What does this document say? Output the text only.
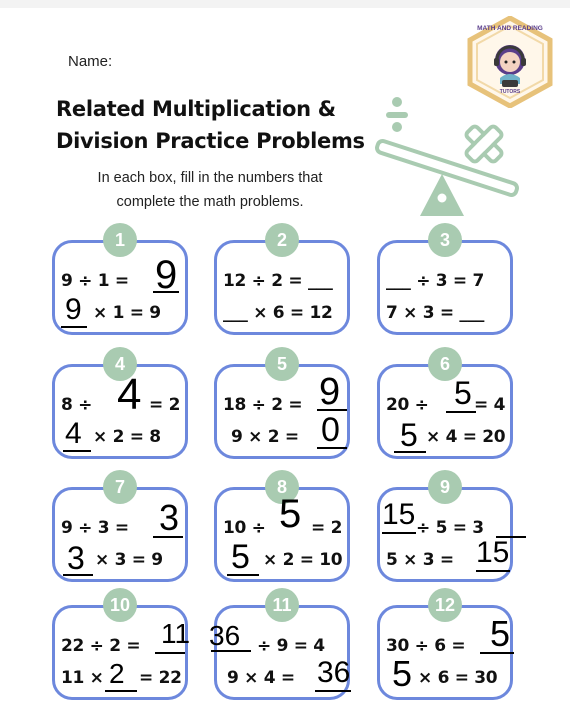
Name:
Related Multiplication &
Division Practice Problems
In each box, fill in the numbers that
complete the math problems.
MATH AND READING
TUTORS
1
9 ÷ 1 = 9
9 × 1 = 9
2
12 ÷ 2 = ___
___ × 6 = 12
3
___ ÷ 3 = 7
7 × 3 = ___
4
8 ÷ 4 = 2
4 × 2 = 8
5
18 ÷ 2 = 9
9 × 2 = 0
6
20 ÷ 5 = 4
5 × 4 = 20
7
9 ÷ 3 = 3
3 × 3 = 9
8
10 ÷ 5 = 2
5 × 2 = 10
9
15 ÷ 5 = 3
5 × 3 = 15
10
22 ÷ 2 = 11
11 × 2 = 22
11
36 ÷ 9 = 4
9 × 4 = 36
12
30 ÷ 6 = 5
5 × 6 = 30
